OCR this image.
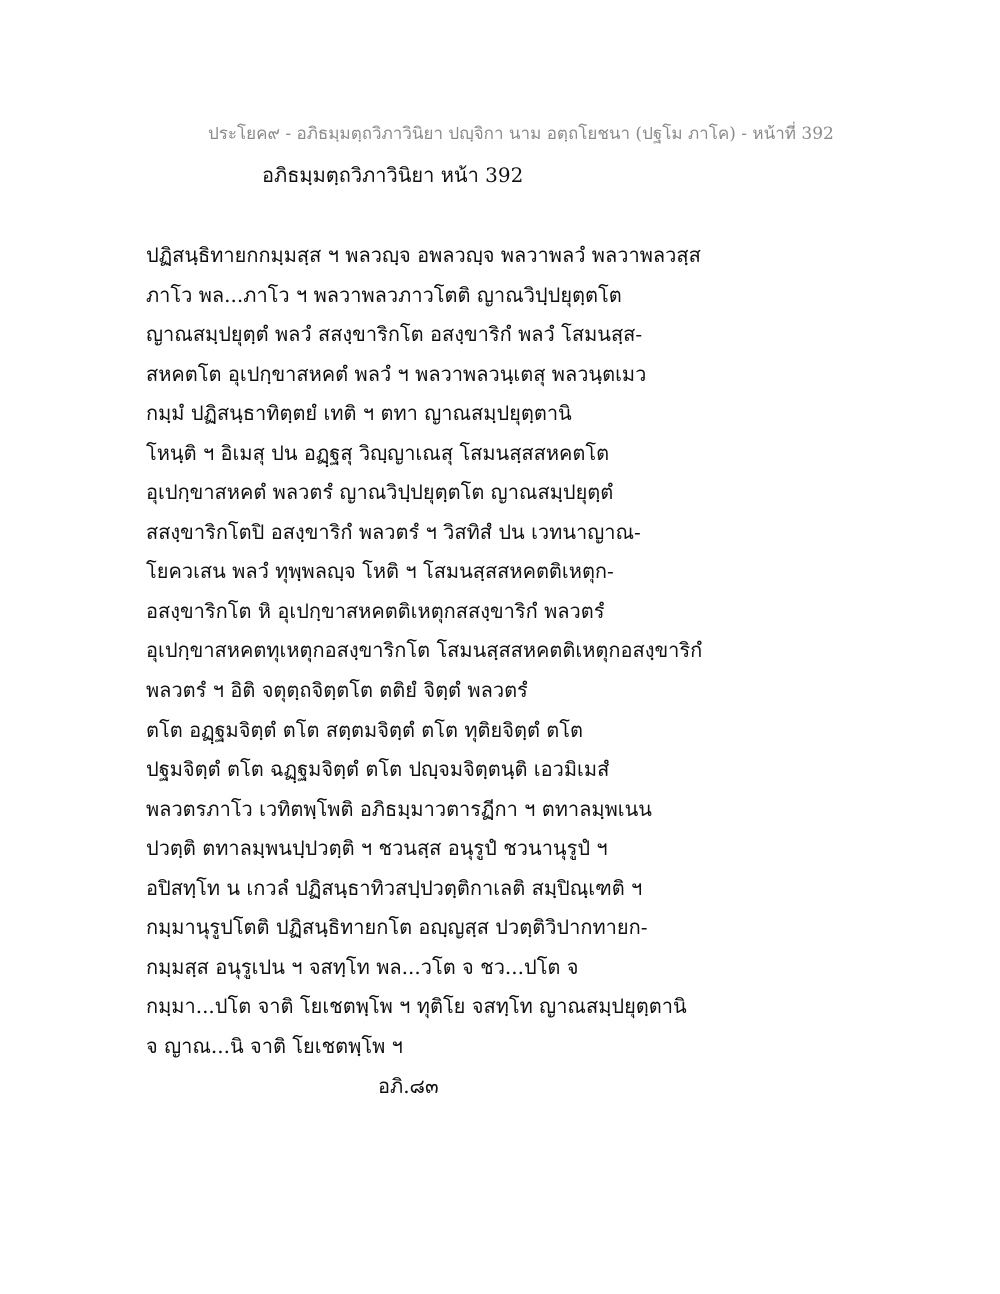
ประโยค๙ - อภิธมฺมตฺถวิภาวินิยา ปญฺจิกา นาม อตฺถโยชนา (ปฐโม ภาโค) - หน้าที่ 392
อภิธมฺมตฺถวิภาวินิยา หน้า 392
ปฏิสนฺธิทายกกมฺมสฺส ฯ พลวญฺจ อพลวญฺจ พลวาพลวํ พลวาพลวสฺส
ภาโว พล...ภาโว ฯ พลวาพลวภาวโตติ ญาณวิปฺปยุตฺตโต
ญาณสมฺปยุตฺตํ พลวํ สสงฺขาริกโต อสงฺขาริกํ พลวํ โสมนสฺส-
สหคตโต อุเปกฺขาสหคตํ พลวํ ฯ พลวาพลวนฺเตสุ พลวนฺตเมว
กมฺมํ ปฏิสนฺธาทิตฺตยํ เทติ ฯ ตทา ญาณสมฺปยุตฺตานิ
โหนฺติ ฯ อิเมสุ ปน อฏฺฐสุ วิญฺญาเณสุ โสมนสฺสสหคตโต
อุเปกฺขาสหคตํ พลวตรํ ญาณวิปฺปยุตฺตโต ญาณสมฺปยุตฺตํ
สสงฺขาริกโตปิ อสงฺขาริกํ พลวตรํ ฯ วิสทิสํ ปน เวทนาญาณ-
โยควเสน พลวํ ทุพฺพลญฺจ โหติ ฯ โสมนสฺสสหคตติเหตุก-
อสงฺขาริกโต หิ อุเปกฺขาสหคตติเหตุกสสงฺขาริกํ พลวตรํ
อุเปกฺขาสหคตทุเหตุกอสงฺขาริกโต โสมนสฺสสหคตติเหตุกอสงฺขาริกํ
พลวตรํ ฯ อิติ จตุตฺถจิตฺตโต ตติยํ จิตฺตํ พลวตรํ
ตโต อฏฺฐมจิตฺตํ ตโต สตฺตมจิตฺตํ ตโต ทุติยจิตฺตํ ตโต
ปฐมจิตฺตํ ตโต ฉฏฺฐมจิตฺตํ ตโต ปญฺจมจิตฺตนฺติ เอวมิเมสํ
พลวตรภาโว เวทิตพฺโพติ อภิธมฺมาวตารฏีกา ฯ ตทาลมฺพเนน
ปวตฺติ ตทาลมฺพนปฺปวตฺติ ฯ ชวนสฺส อนุรูปํ ชวนานุรูปํ ฯ
อปิสทฺโท น เกวลํ ปฏิสนฺธาทิวสปฺปวตฺติกาเลติ สมฺปิณฺเฑติ ฯ
กมฺมานุรูปโตติ ปฏิสนฺธิทายกโต อญฺญสฺส ปวตฺติวิปากทายก-
กมฺมสฺส อนุรูเปน ฯ จสทฺโท พล...วโต จ ชว...ปโต จ
กมฺมา...ปโต จาติ โยเชตพฺโพ ฯ ทุติโย จสทฺโท ญาณสมฺปยุตฺตานิ
จ ญาณ...นิ จาติ โยเชตพฺโพ ฯ
อภิ.๘๓
